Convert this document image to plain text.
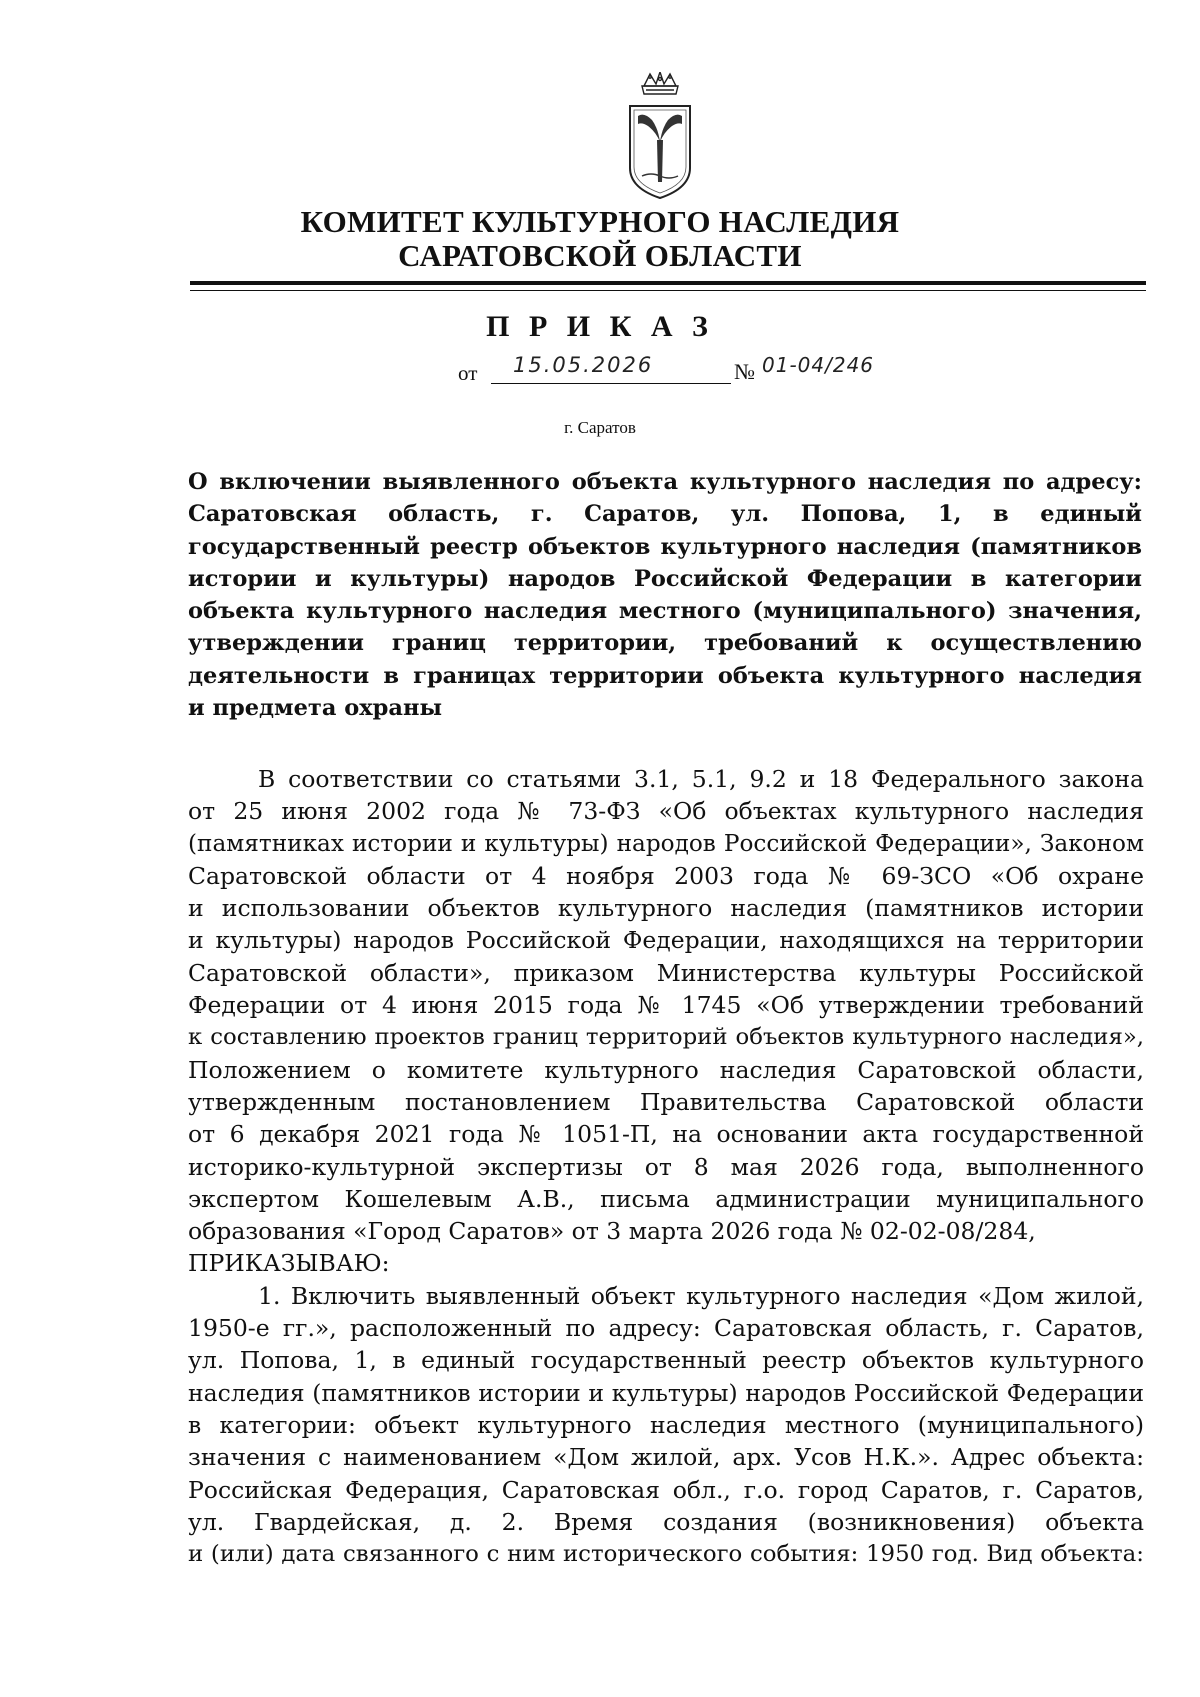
КОМИТЕТ КУЛЬТУРНОГО НАСЛЕДИЯ
САРАТОВСКОЙ ОБЛАСТИ
П Р И К А З
от 15.05.2026	№ 01-04/246
г. Саратов
О включении выявленного объекта культурного наследия по адресу:
Саратовская область, г. Саратов, ул. Попова, 1, в единый
государственный реестр объектов культурного наследия (памятников
истории и культуры) народов Российской Федерации в категории
объекта культурного наследия местного (муниципального) значения,
утверждении границ территории, требований к осуществлению
деятельности в границах территории объекта культурного наследия
и предмета охраны
В соответствии со статьями 3.1, 5.1, 9.2 и 18 Федерального закона
от 25 июня 2002 года № 73-ФЗ «Об объектах культурного наследия
(памятниках истории и культуры) народов Российской Федерации», Законом
Саратовской области от 4 ноября 2003 года № 69-ЗСО «Об охране
и использовании объектов культурного наследия (памятников истории
и культуры) народов Российской Федерации, находящихся на территории
Саратовской области», приказом Министерства культуры Российской
Федерации от 4 июня 2015 года № 1745 «Об утверждении требований
к составлению проектов границ территорий объектов культурного наследия»,
Положением о комитете культурного наследия Саратовской области,
утвержденным постановлением Правительства Саратовской области
от 6 декабря 2021 года № 1051-П, на основании акта государственной
историко-культурной экспертизы от 8 мая 2026 года, выполненного
экспертом Кошелевым А.В., письма администрации муниципального
образования «Город Саратов» от 3 марта 2026 года № 02-02-08/284,
ПРИКАЗЫВАЮ:
1. Включить выявленный объект культурного наследия «Дом жилой,
1950-е гг.», расположенный по адресу: Саратовская область, г. Саратов,
ул. Попова, 1, в единый государственный реестр объектов культурного
наследия (памятников истории и культуры) народов Российской Федерации
в категории: объект культурного наследия местного (муниципального)
значения с наименованием «Дом жилой, арх. Усов Н.К.». Адрес объекта:
Российская Федерация, Саратовская обл., г.о. город Саратов, г. Саратов,
ул. Гвардейская, д. 2. Время создания (возникновения) объекта
и (или) дата связанного с ним исторического события: 1950 год. Вид объекта:
